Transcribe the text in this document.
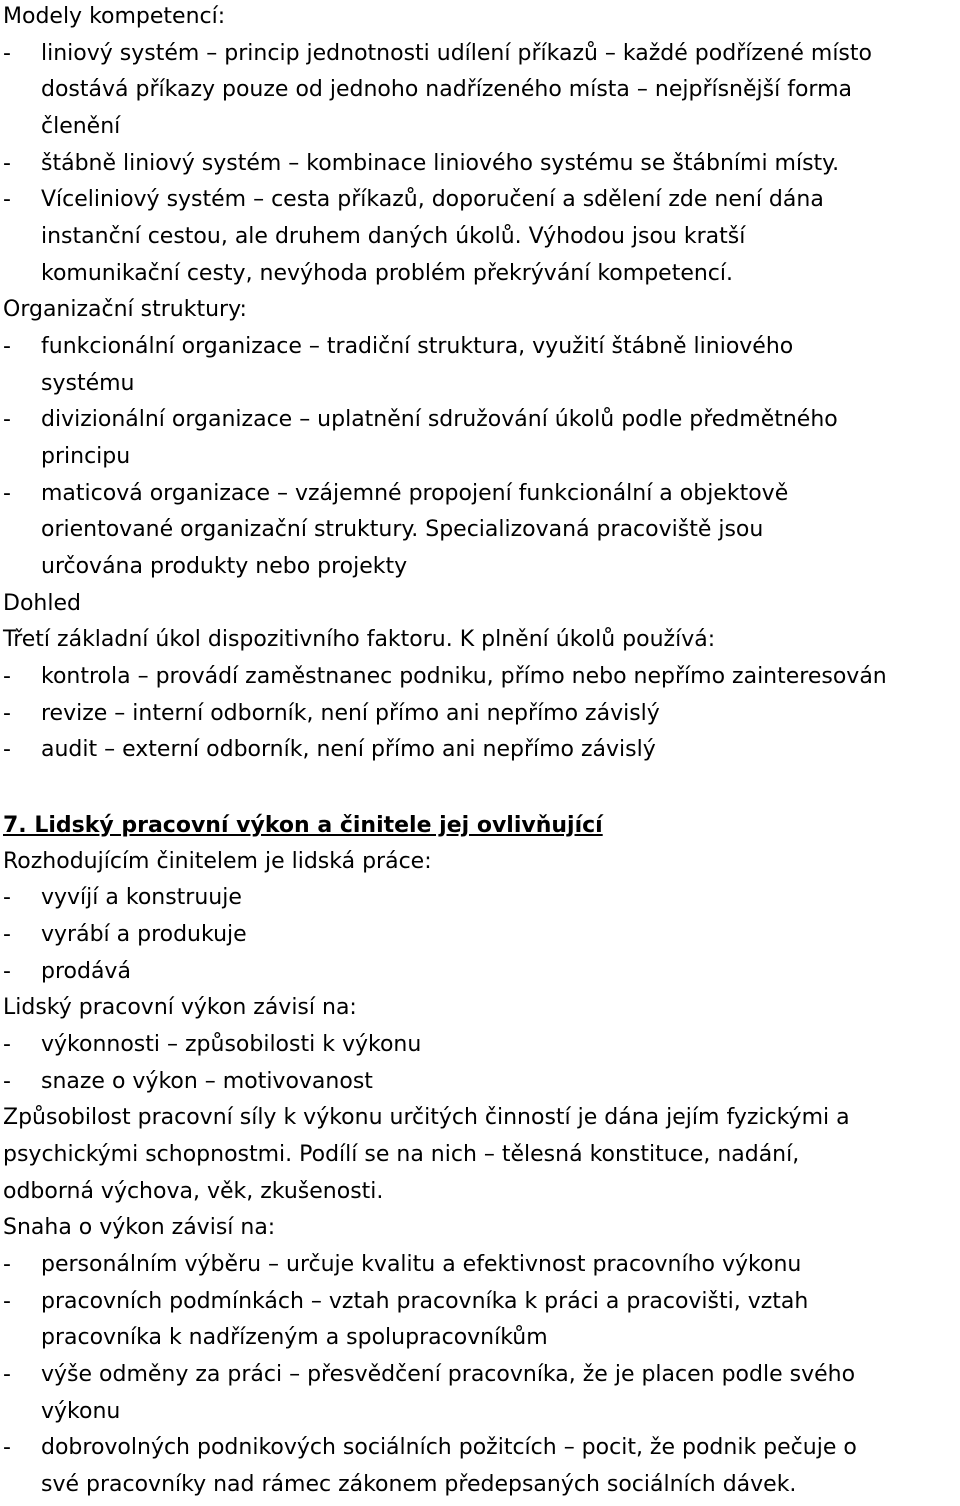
Modely kompetencí:
- liniový systém – princip jednotnosti udílení příkazů – každé podřízené místo
dostává příkazy pouze od jednoho nadřízeného místa – nejpřísnější forma
členění
- štábně liniový systém – kombinace liniového systému se štábními místy.
- Víceliniový systém – cesta příkazů, doporučení a sdělení zde není dána
instanční cestou, ale druhem daných úkolů. Výhodou jsou kratší
komunikační cesty, nevýhoda problém překrývání kompetencí.
Organizační struktury:
- funkcionální organizace – tradiční struktura, využití štábně liniového
systému
- divizionální organizace – uplatnění sdružování úkolů podle předmětného
principu
- maticová organizace – vzájemné propojení funkcionální a objektově
orientované organizační struktury. Specializovaná pracoviště jsou
určována produkty nebo projekty
Dohled
Třetí základní úkol dispozitivního faktoru. K plnění úkolů používá:
- kontrola – provádí zaměstnanec podniku, přímo nebo nepřímo zainteresován
- revize – interní odborník, není přímo ani nepřímo závislý
- audit – externí odborník, není přímo ani nepřímo závislý
7. Lidský pracovní výkon a činitele jej ovlivňující
Rozhodujícím činitelem je lidská práce:
- vyvíjí a konstruuje
- vyrábí a produkuje
- prodává
Lidský pracovní výkon závisí na:
- výkonnosti – způsobilosti k výkonu
- snaze o výkon – motivovanost
Způsobilost pracovní síly k výkonu určitých činností je dána jejím fyzickými a
psychickými schopnostmi. Podílí se na nich – tělesná konstituce, nadání,
odborná výchova, věk, zkušenosti.
Snaha o výkon závisí na:
- personálním výběru – určuje kvalitu a efektivnost pracovního výkonu
- pracovních podmínkách – vztah pracovníka k práci a pracovišti, vztah
pracovníka k nadřízeným a spolupracovníkům
- výše odměny za práci – přesvědčení pracovníka, že je placen podle svého
výkonu
- dobrovolných podnikových sociálních požitcích – pocit, že podnik pečuje o
své pracovníky nad rámec zákonem předepsaných sociálních dávek.
